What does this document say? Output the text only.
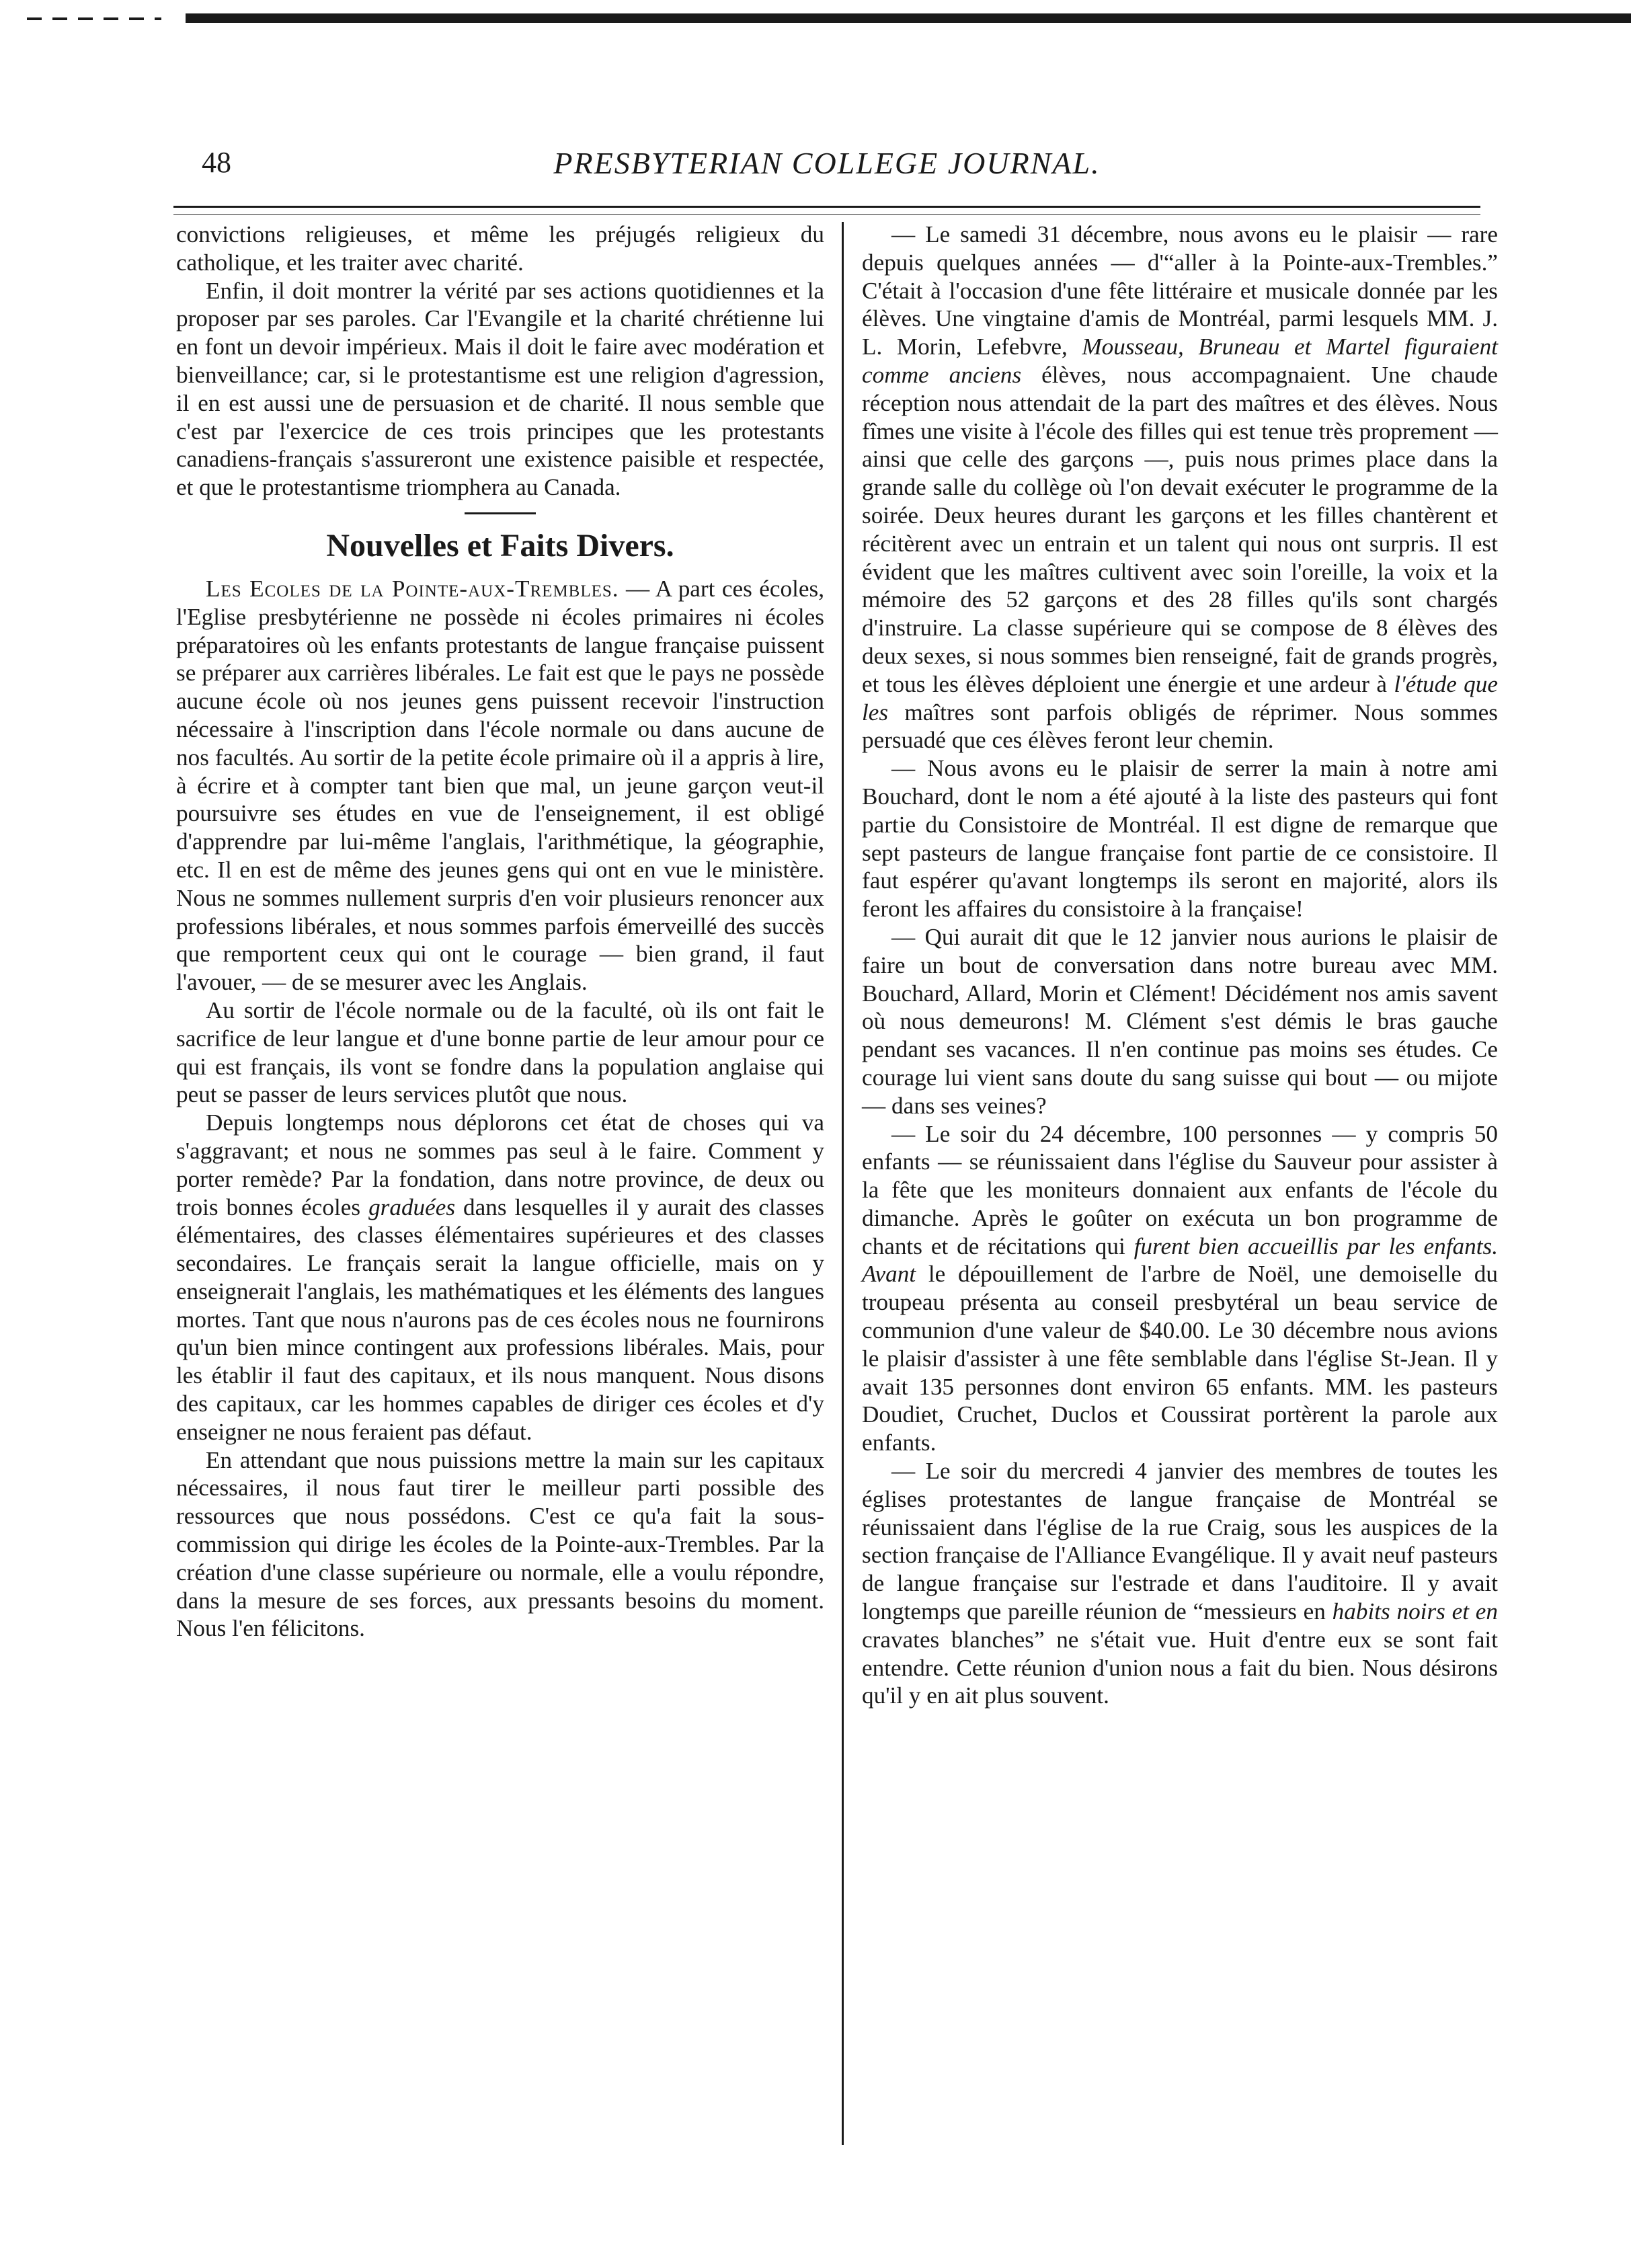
48	PRESBYTERIAN COLLEGE JOURNAL.

convictions religieuses, et même les préjugés religieux du catholique, et les traiter avec charité.

Enfin, il doit montrer la vérité par ses actions quotidiennes et la proposer par ses paroles. Car l'Evangile et la charité chrétienne lui en font un devoir impérieux. Mais il doit le faire avec modération et bienveillance; car, si le protestantisme est une religion d'agression, il en est aussi une de persuasion et de charité. Il nous semble que c'est par l'exercice de ces trois principes que les protestants canadiens-français s'assureront une existence paisible et respectée, et que le protestantisme triomphera au Canada.

Nouvelles et Faits Divers.

Les Ecoles de la Pointe-aux-Trembles. — A part ces écoles, l'Eglise presbytérienne ne possède ni écoles primaires ni écoles préparatoires où les enfants protestants de langue française puissent se préparer aux carrières libérales. Le fait est que le pays ne possède aucune école où nos jeunes gens puissent recevoir l'instruction nécessaire à l'inscription dans l'école normale ou dans aucune de nos facultés. Au sortir de la petite école primaire où il a appris à lire, à écrire et à compter tant bien que mal, un jeune garçon veut-il poursuivre ses études en vue de l'enseignement, il est obligé d'apprendre par lui-même l'anglais, l'arithmétique, la géographie, etc. Il en est de même des jeunes gens qui ont en vue le ministère. Nous ne sommes nullement surpris d'en voir plusieurs renoncer aux professions libérales, et nous sommes parfois émerveillé des succès que remportent ceux qui ont le courage — bien grand, il faut l'avouer, — de se mesurer avec les Anglais.

Au sortir de l'école normale ou de la faculté, où ils ont fait le sacrifice de leur langue et d'une bonne partie de leur amour pour ce qui est français, ils vont se fondre dans la population anglaise qui peut se passer de leurs services plutôt que nous.

Depuis longtemps nous déplorons cet état de choses qui va s'aggravant; et nous ne sommes pas seul à le faire. Comment y porter remède? Par la fondation, dans notre province, de deux ou trois bonnes écoles graduées dans lesquelles il y aurait des classes élémentaires, des classes élémentaires supérieures et des classes secondaires. Le français serait la langue officielle, mais on y enseignerait l'anglais, les mathématiques et les éléments des langues mortes. Tant que nous n'aurons pas de ces écoles nous ne fournirons qu'un bien mince contingent aux professions libérales. Mais, pour les établir il faut des capitaux, et ils nous manquent. Nous disons des capitaux, car les hommes capables de diriger ces écoles et d'y enseigner ne nous feraient pas défaut.

En attendant que nous puissions mettre la main sur les capitaux nécessaires, il nous faut tirer le meilleur parti possible des ressources que nous possédons. C'est ce qu'a fait la sous-commission qui dirige les écoles de la Pointe-aux-Trembles. Par la création d'une classe supérieure ou normale, elle a voulu répondre, dans la mesure de ses forces, aux pressants besoins du moment. Nous l'en félicitons.

— Le samedi 31 décembre, nous avons eu le plaisir — rare depuis quelques années — d'“aller à la Pointe-aux-Trembles.” C'était à l'occasion d'une fête littéraire et musicale donnée par les élèves. Une vingtaine d'amis de Montréal, parmi lesquels MM. J. L. Morin, Lefebvre, Mousseau, Bruneau et Martel figuraient comme anciens élèves, nous accompagnaient. Une chaude réception nous attendait de la part des maîtres et des élèves. Nous fîmes une visite à l'école des filles qui est tenue très proprement — ainsi que celle des garçons —, puis nous primes place dans la grande salle du collège où l'on devait exécuter le programme de la soirée. Deux heures durant les garçons et les filles chantèrent et récitèrent avec un entrain et un talent qui nous ont surpris. Il est évident que les maîtres cultivent avec soin l'oreille, la voix et la mémoire des 52 garçons et des 28 filles qu'ils sont chargés d'instruire. La classe supérieure qui se compose de 8 élèves des deux sexes, si nous sommes bien renseigné, fait de grands progrès, et tous les élèves déploient une énergie et une ardeur à l'étude que les maîtres sont parfois obligés de réprimer. Nous sommes persuadé que ces élèves feront leur chemin.

— Nous avons eu le plaisir de serrer la main à notre ami Bouchard, dont le nom a été ajouté à la liste des pasteurs qui font partie du Consistoire de Montréal. Il est digne de remarque que sept pasteurs de langue française font partie de ce consistoire. Il faut espérer qu'avant longtemps ils seront en majorité, alors ils feront les affaires du consistoire à la française!

— Qui aurait dit que le 12 janvier nous aurions le plaisir de faire un bout de conversation dans notre bureau avec MM. Bouchard, Allard, Morin et Clément! Décidément nos amis savent où nous demeurons! M. Clément s'est démis le bras gauche pendant ses vacances. Il n'en continue pas moins ses études. Ce courage lui vient sans doute du sang suisse qui bout — ou mijote — dans ses veines?

— Le soir du 24 décembre, 100 personnes — y compris 50 enfants — se réunissaient dans l'église du Sauveur pour assister à la fête que les moniteurs donnaient aux enfants de l'école du dimanche. Après le goûter on exécuta un bon programme de chants et de récitations qui furent bien accueillis par les enfants. Avant le dépouillement de l'arbre de Noël, une demoiselle du troupeau présenta au conseil presbytéral un beau service de communion d'une valeur de $40.00. Le 30 décembre nous avions le plaisir d'assister à une fête semblable dans l'église St-Jean. Il y avait 135 personnes dont environ 65 enfants. MM. les pasteurs Doudiet, Cruchet, Duclos et Coussirat portèrent la parole aux enfants.

— Le soir du mercredi 4 janvier des membres de toutes les églises protestantes de langue française de Montréal se réunissaient dans l'église de la rue Craig, sous les auspices de la section française de l'Alliance Evangélique. Il y avait neuf pasteurs de langue française sur l'estrade et dans l'auditoire. Il y avait longtemps que pareille réunion de “messieurs en habits noirs et en cravates blanches” ne s'était vue. Huit d'entre eux se sont fait entendre. Cette réunion d'union nous a fait du bien. Nous désirons qu'il y en ait plus souvent.
